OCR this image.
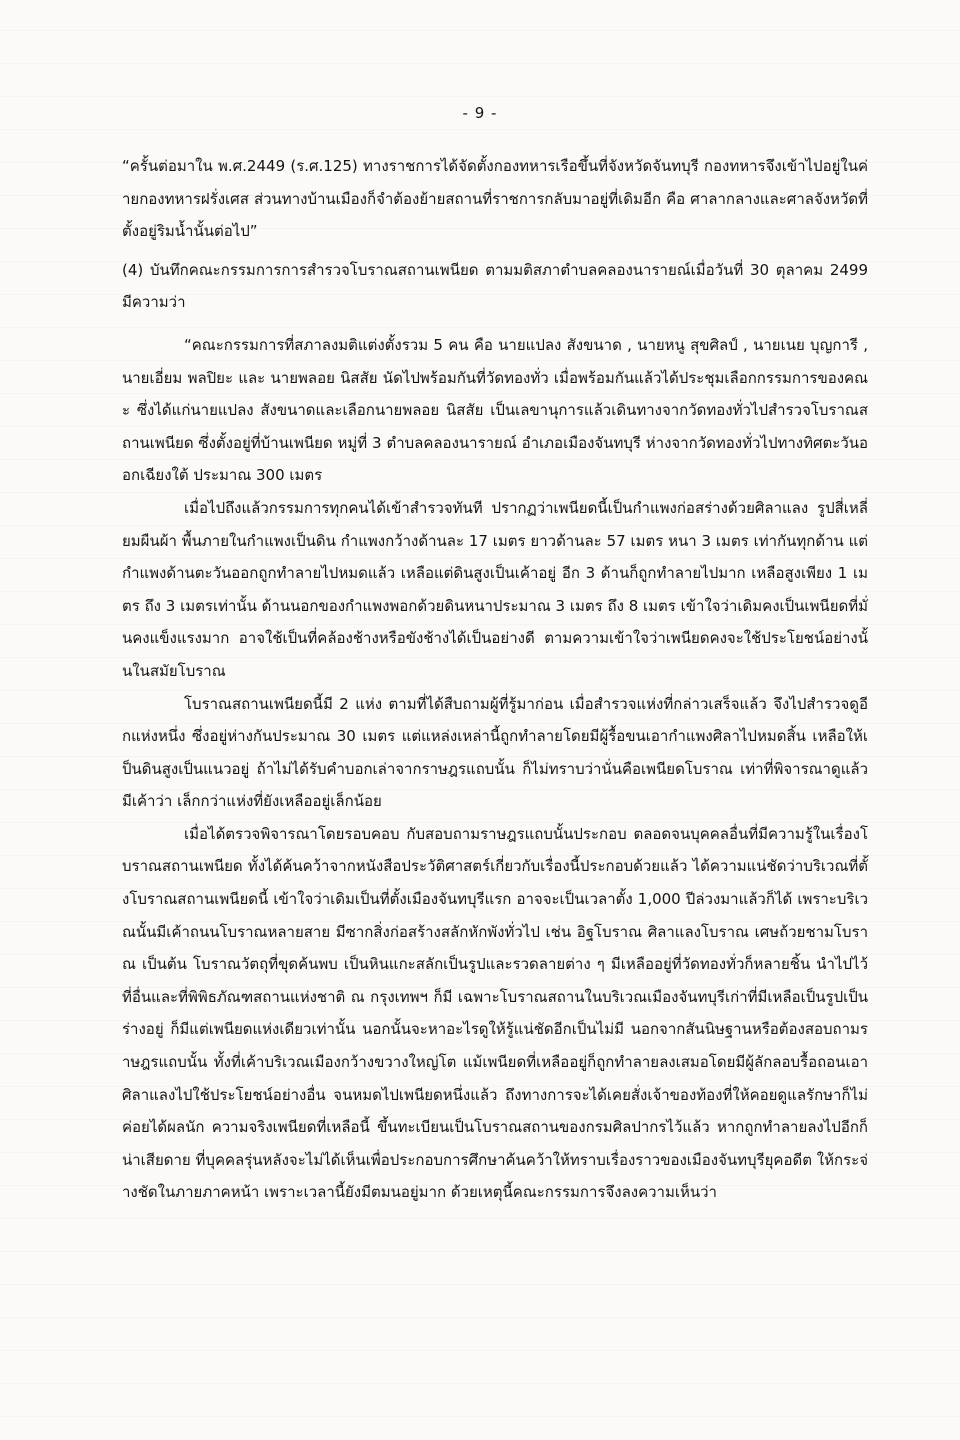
- 9 -

“ครั้นต่อมาใน พ.ศ.2449 (ร.ศ.125) ทางราชการได้จัดตั้งกองทหารเรือขึ้นที่จังหวัดจันทบุรี กองทหารจึงเข้าไปอยู่ในค่ายกองทหารฝรั่งเศส ส่วนทางบ้านเมืองก็จำต้องย้ายสถานที่ราชการกลับมาอยู่ที่เดิมอีก คือ ศาลากลางและศาลจังหวัดที่ตั้งอยู่ริมน้ำนั้นต่อไป”

(4) บันทึกคณะกรรมการการสำรวจโบราณสถานเพนียด ตามมติสภาตำบลคลองนารายณ์เมื่อวันที่ 30 ตุลาคม 2499 มีความว่า

“คณะกรรมการที่สภาลงมติแต่งตั้งรวม 5 คน คือ นายแปลง สังขนาด , นายหนู สุขศิลป์ , นายเนย บุญการี , นายเอี่ยม พลปิยะ และ นายพลอย นิสสัย นัดไปพร้อมกันที่วัดทองทั่ว เมื่อพร้อมกันแล้วได้ประชุมเลือกกรรมการของคณะ ซึ่งได้แก่นายแปลง สังขนาดและเลือกนายพลอย นิสสัย เป็นเลขานุการแล้วเดินทางจากวัดทองทั่วไปสำรวจโบราณสถานเพนียด ซึ่งตั้งอยู่ที่บ้านเพนียด หมู่ที่ 3 ตำบลคลองนารายณ์ อำเภอเมืองจันทบุรี ห่างจากวัดทองทั่วไปทางทิศตะวันออกเฉียงใต้ ประมาณ 300 เมตร

เมื่อไปถึงแล้วกรรมการทุกคนได้เข้าสำรวจทันที ปรากฏว่าเพนียดนี้เป็นกำแพงก่อสร่างด้วยศิลาแลง รูปสี่เหลี่ยมผืนผ้า พื้นภายในกำแพงเป็นดิน กำแพงกว้างด้านละ 17 เมตร ยาวด้านละ 57 เมตร หนา 3 เมตร เท่ากันทุกด้าน แต่กำแพงด้านตะวันออกถูกทำลายไปหมดแล้ว เหลือแต่ดินสูงเป็นเค้าอยู่ อีก 3 ด้านก็ถูกทำลายไปมาก เหลือสูงเพียง 1 เมตร ถึง 3 เมตรเท่านั้น ด้านนอกของกำแพงพอกด้วยดินหนาประมาณ 3 เมตร ถึง 8 เมตร เข้าใจว่าเดิมคงเป็นเพนียดที่มั่นคงแข็งแรงมาก อาจใช้เป็นที่คล้องช้างหรือขังช้างได้เป็นอย่างดี ตามความเข้าใจว่าเพนียดคงจะใช้ประโยชน์อย่างนั้นในสมัยโบราณ

โบราณสถานเพนียดนี้มี 2 แห่ง ตามที่ได้สืบถามผู้ที่รู้มาก่อน เมื่อสำรวจแห่งที่กล่าวเสร็จแล้ว จึงไปสำรวจดูอีกแห่งหนึ่ง ซึ่งอยู่ห่างกันประมาณ 30 เมตร แต่แหล่งเหล่านี้ถูกทำลายโดยมีผู้รื้อขนเอากำแพงศิลาไปหมดสิ้น เหลือให้เป็นดินสูงเป็นแนวอยู่ ถ้าไม่ได้รับคำบอกเล่าจากราษฎรแถบนั้น ก็ไม่ทราบว่านั่นคือเพนียดโบราณ เท่าที่พิจารณาดูแล้วมีเค้าว่า เล็กกว่าแห่งที่ยังเหลืออยู่เล็กน้อย

เมื่อได้ตรวจพิจารณาโดยรอบคอบ กับสอบถามราษฎรแถบนั้นประกอบ ตลอดจนบุคคลอื่นที่มีความรู้ในเรื่องโบราณสถานเพนียด ทั้งได้ค้นคว้าจากหนังสือประวัติศาสตร์เกี่ยวกับเรื่องนี้ประกอบด้วยแล้ว ได้ความแน่ชัดว่าบริเวณที่ตั้งโบราณสถานเพนียดนี้ เข้าใจว่าเดิมเป็นที่ตั้งเมืองจันทบุรีแรก อาจจะเป็นเวลาตั้ง 1,000 ปีล่วงมาแล้วก็ได้ เพราะบริเวณนั้นมีเค้าถนนโบราณหลายสาย มีซากสิ่งก่อสร้างสลักหักพังทั่วไป เช่น อิฐโบราณ ศิลาแลงโบราณ เศษถ้วยชามโบราณ เป็นต้น โบราณวัตถุที่ขุดค้นพบ เป็นหินแกะสลักเป็นรูปและรวดลายต่าง ๆ มีเหลืออยู่ที่วัดทองทั่วก็หลายชิ้น นำไปไว้ที่อื่นและที่พิพิธภัณฑสถานแห่งชาติ ณ กรุงเทพฯ ก็มี เฉพาะโบราณสถานในบริเวณเมืองจันทบุรีเก่าที่มีเหลือเป็นรูปเป็นร่างอยู่ ก็มีแต่เพนียดแห่งเดียวเท่านั้น นอกนั้นจะหาอะไรดูให้รู้แน่ชัดอีกเป็นไม่มี นอกจากสันนิษฐานหรือต้องสอบถามราษฎรแถบนั้น ทั้งที่เค้าบริเวณเมืองกว้างขวางใหญ่โต แม้เพนียดที่เหลืออยู่ก็ถูกทำลายลงเสมอโดยมีผู้ลักลอบรื้อถอนเอาศิลาแลงไปใช้ประโยชน์อย่างอื่น จนหมดไปเพนียดหนึ่งแล้ว ถึงทางการจะได้เคยสั่งเจ้าของท้องที่ให้คอยดูแลรักษาก็ไม่ค่อยได้ผลนัก ความจริงเพนียดที่เหลือนี้ ขึ้นทะเบียนเป็นโบราณสถานของกรมศิลปากรไว้แล้ว หากถูกทำลายลงไปอีกก็น่าเสียดาย ที่บุคคลรุ่นหลังจะไม่ได้เห็นเพื่อประกอบการศึกษาค้นคว้าให้ทราบเรื่องราวของเมืองจันทบุรียุคอดีต ให้กระจ่างชัดในภายภาคหน้า เพราะเวลานี้ยังมีตมนอยู่มาก ด้วยเหตุนี้คณะกรรมการจึงลงความเห็นว่า
